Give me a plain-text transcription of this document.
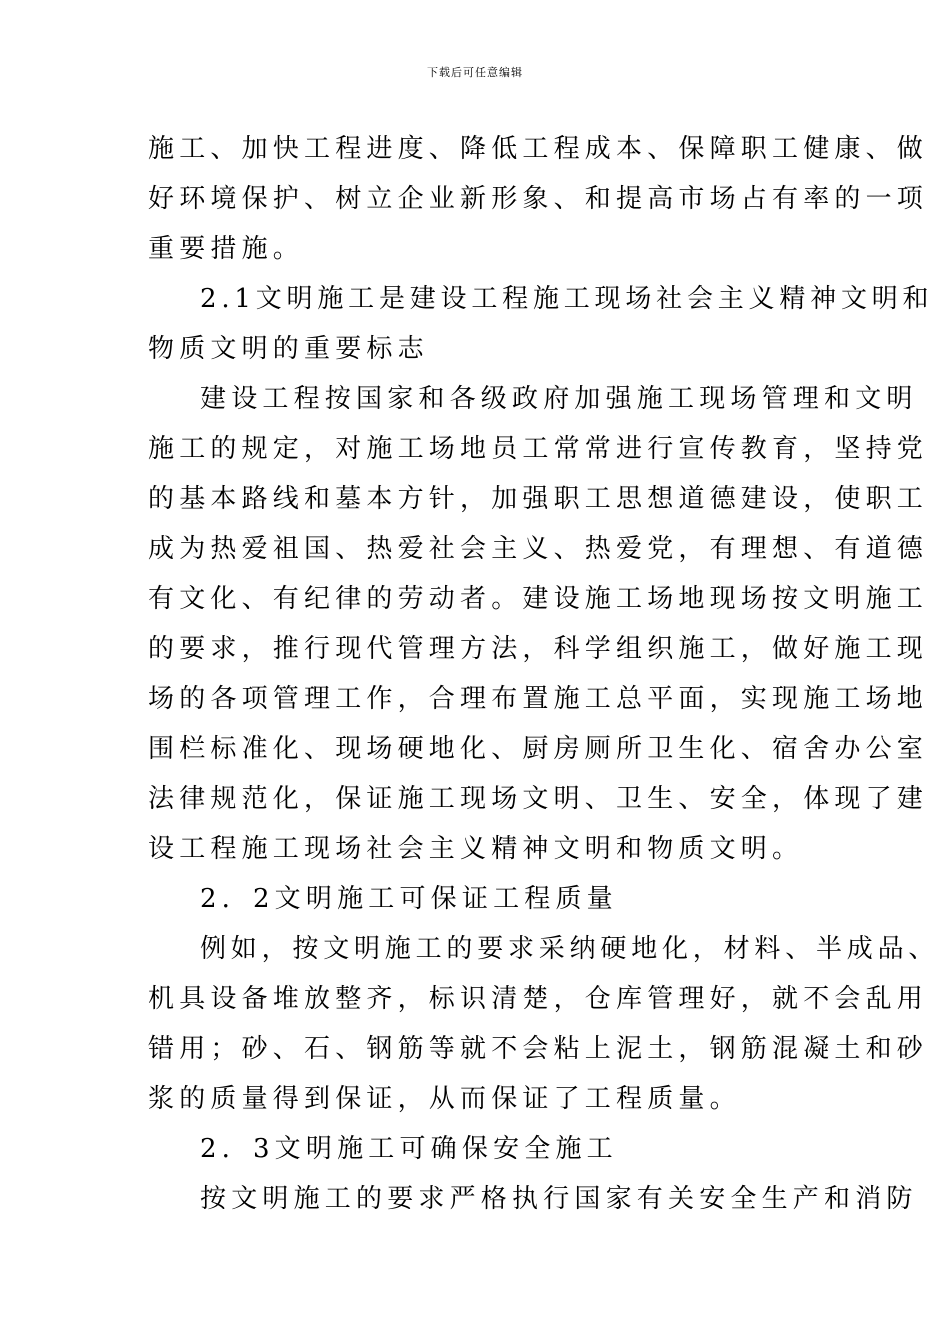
下载后可任意编辑
施工、加快工程进度、降低工程成本、保障职工健康、做
好环境保护、树立企业新形象、和提高市场占有率的一项
重要措施。
2.1文明施工是建设工程施工现场社会主义精神文明和
物质文明的重要标志
建设工程按国家和各级政府加强施工现场管理和文明
施工的规定，对施工场地员工常常进行宣传教育，坚持党
的基本路线和墓本方针，加强职工思想道德建设，使职工
成为热爱祖国、热爱社会主义、热爱党，有理想、有道德
有文化、有纪律的劳动者。建设施工场地现场按文明施工
的要求，推行现代管理方法，科学组织施工，做好施工现
场的各项管理工作，合理布置施工总平面，实现施工场地
围栏标准化、现场硬地化、厨房厕所卫生化、宿舍办公室
法律规范化，保证施工现场文明、卫生、安全，体现了建
设工程施工现场社会主义精神文明和物质文明。
2．2文明施工可保证工程质量
例如，按文明施工的要求采纳硬地化，材料、半成品、
机具设备堆放整齐，标识清楚，仓库管理好，就不会乱用
错用；砂、石、钢筋等就不会粘上泥土，钢筋混凝土和砂
浆的质量得到保证，从而保证了工程质量。
2．3文明施工可确保安全施工
按文明施工的要求严格执行国家有关安全生产和消防
